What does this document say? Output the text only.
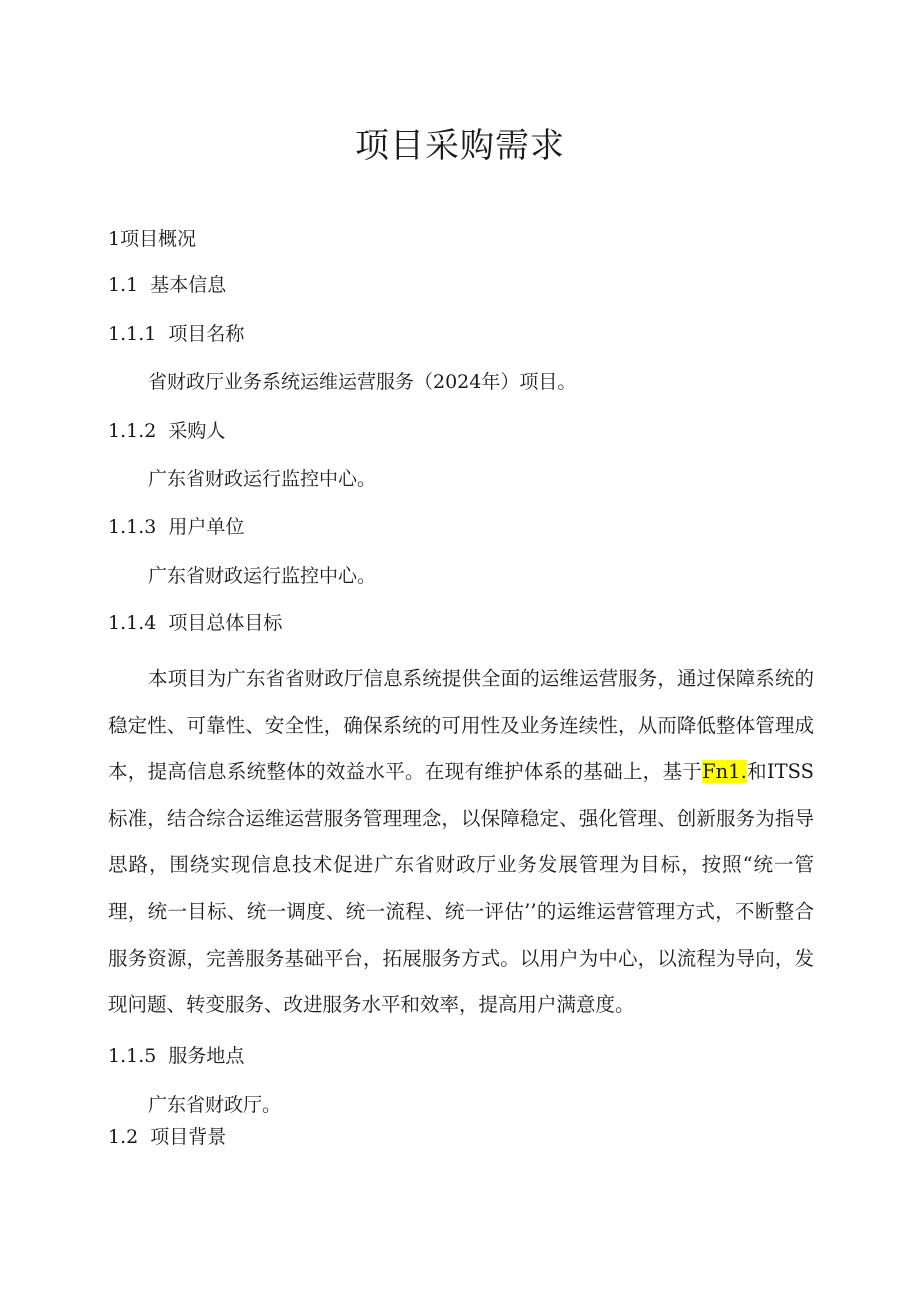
项目采购需求
1项目概况
1.1 基本信息
1.1.1 项目名称
省财政厅业务系统运维运营服务（2024年）项目。
1.1.2 采购人
广东省财政运行监控中心。
1.1.3 用户单位
广东省财政运行监控中心。
1.1.4 项目总体目标

本项目为广东省省财政厅信息系统提供全面的运维运营服务，通过保障系统的稳定性、可靠性、安全性，确保系统的可用性及业务连续性，从而降低整体管理成本，提高信息系统整体的效益水平。在现有维护体系的基础上，基于Fn1.和ITSS标准，结合综合运维运营服务管理理念，以保障稳定、强化管理、创新服务为指导思路，围绕实现信息技术促进广东省财政厅业务发展管理为目标，按照“统一管理，统一目标、统一调度、统一流程、统一评估’’的运维运营管理方式，不断整合服务资源，完善服务基础平台，拓展服务方式。以用户为中心，以流程为导向，发现问题、转变服务、改进服务水平和效率，提高用户满意度。

1.1.5 服务地点
广东省财政厅。
1.2 项目背景
